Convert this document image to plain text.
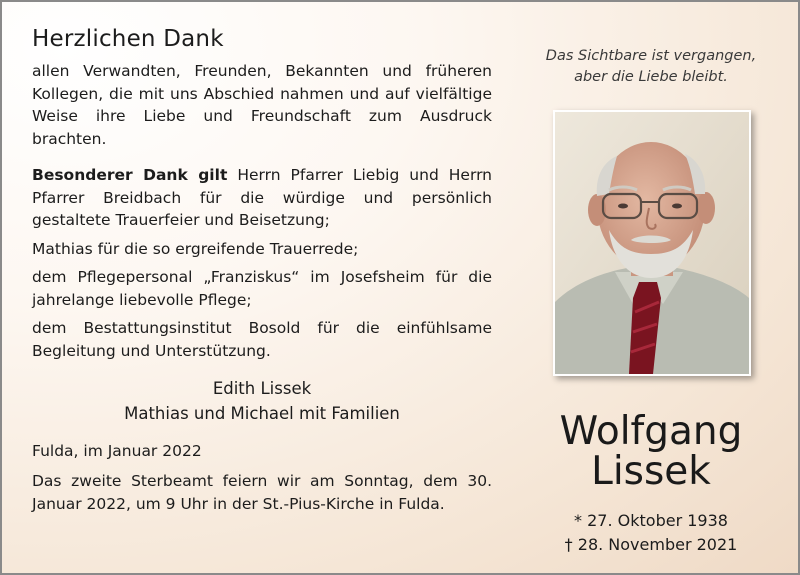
Herzlichen Dank

allen Verwandten, Freunden, Bekannten und früheren Kollegen, die mit uns Abschied nahmen und auf vielfältige Weise ihre Liebe und Freundschaft zum Ausdruck brachten.

Besonderer Dank gilt Herrn Pfarrer Liebig und Herrn Pfarrer Breidbach für die würdige und persönlich gestaltete Trauerfeier und Beisetzung;

Mathias für die so ergreifende Trauerrede;

dem Pflegepersonal „Franziskus“ im Josefsheim für die jahrelange liebevolle Pflege;

dem Bestattungsinstitut Bosold für die einfühlsame Begleitung und Unterstützung.

Edith Lissek
Mathias und Michael mit Familien
Fulda, im Januar 2022
Das zweite Sterbeamt feiern wir am Sonntag, dem 30. Januar 2022, um 9 Uhr in der St.-Pius-Kirche in Fulda.
Das Sichtbare ist vergangen,
aber die Liebe bleibt.
Wolfgang
Lissek
* 27. Oktober 1938
† 28. November 2021
